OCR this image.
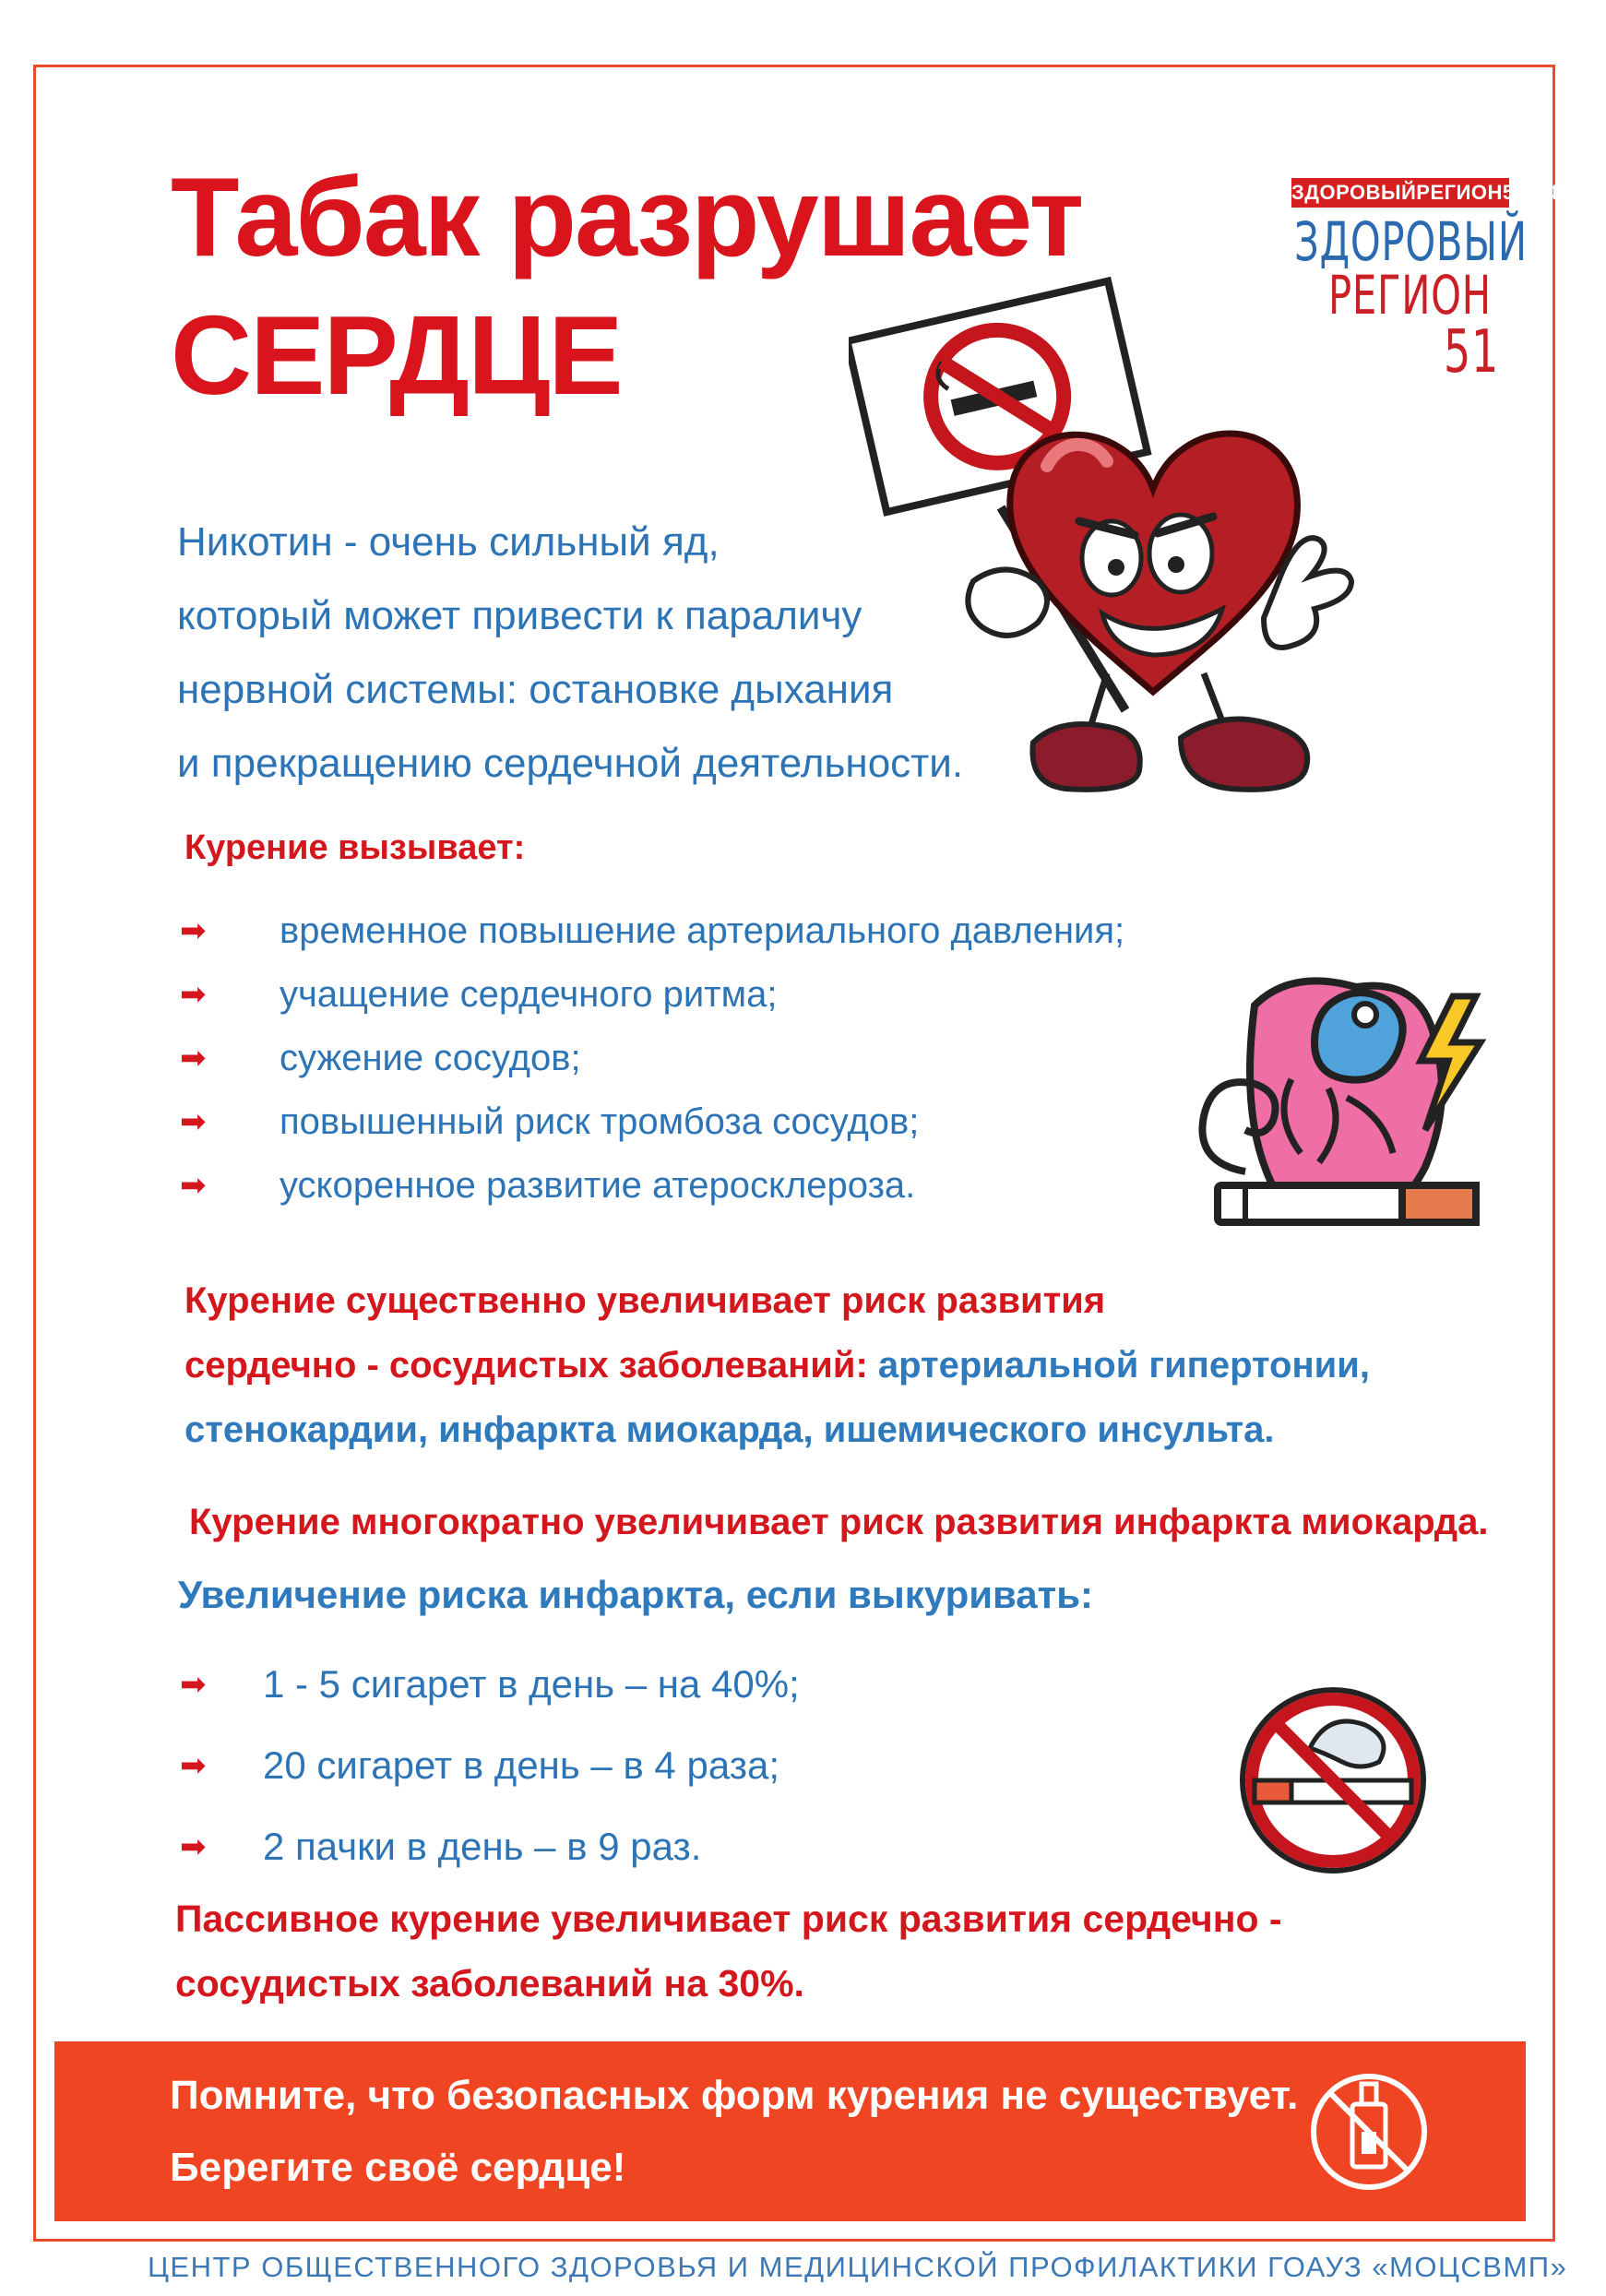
Табак разрушает
СЕРДЦЕ
ЗДОРОВЫЙРЕГИОН51.РФ
ЗДОРОВЫЙ
РЕГИОН
51
Никотин - очень сильный яд,
который может привести к параличу
нервной системы: остановке дыхания
и прекращению сердечной деятельности.
Курение вызывает:
➡ временное повышение артериального давления;
➡ учащение сердечного ритма;
➡ сужение сосудов;
➡ повышенный риск тромбоза сосудов;
➡ ускоренное развитие атеросклероза.
Курение существенно увеличивает риск развития
сердечно - сосудистых заболеваний: артериальной гипертонии,
стенокардии, инфаркта миокарда, ишемического инсульта.
Курение многократно увеличивает риск развития инфаркта миокарда.
Увеличение риска инфаркта, если выкуривать:
➡ 1 - 5 сигарет в день – на 40%;
➡ 20 сигарет в день – в 4 раза;
➡ 2 пачки в день – в 9 раз.
Пассивное курение увеличивает риск развития сердечно -
сосудистых заболеваний на 30%.
Помните, что безопасных форм курения не существует.
Берегите своё сердце!
ЦЕНТР ОБЩЕСТВЕННОГО ЗДОРОВЬЯ И МЕДИЦИНСКОЙ ПРОФИЛАКТИКИ ГОАУЗ «МОЦСВМП»
